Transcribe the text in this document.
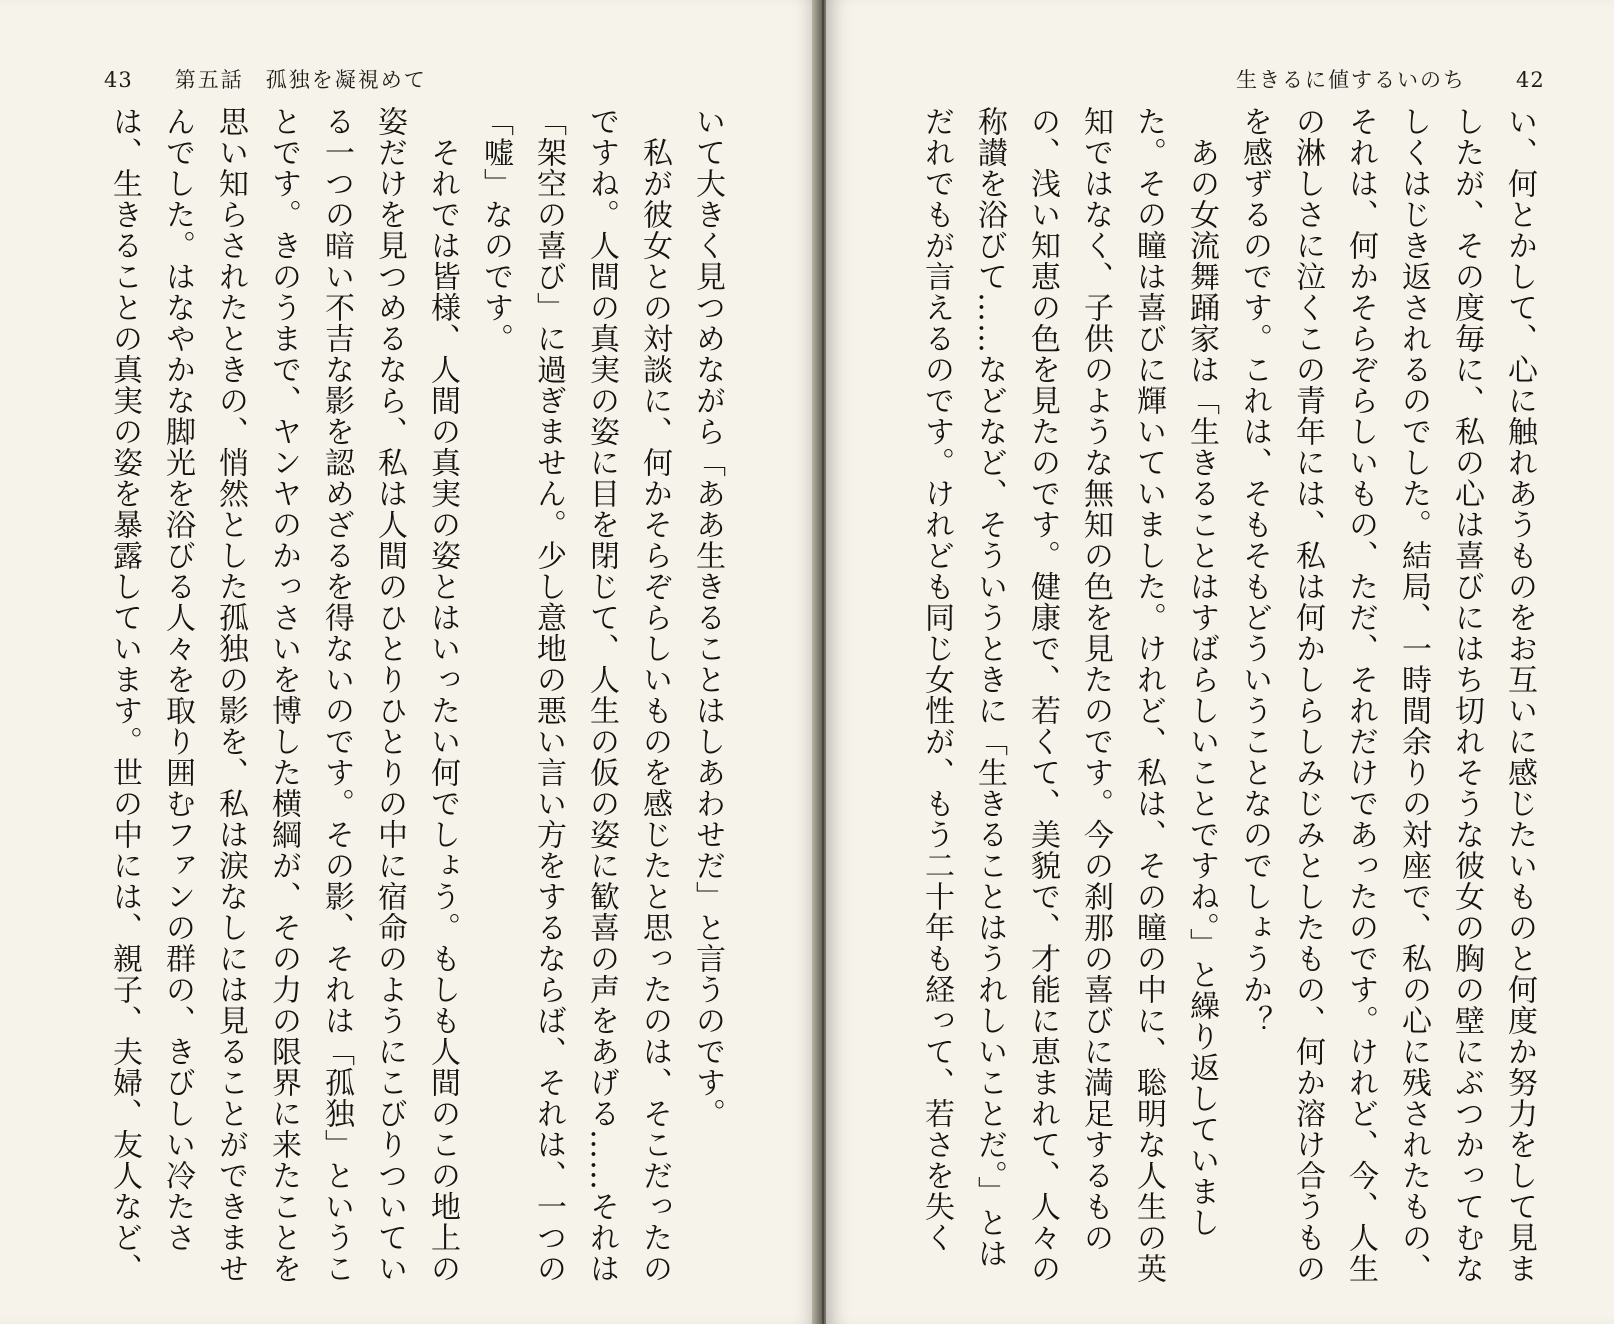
43 第五話 孤独を凝視めて

いて大きく見つめながら「ああ生きることはしあわせだ」と言うのです。

　私が彼女との対談に、何かそらぞらしいものを感じたと思ったのは、そこだったのですね。人間の真実の姿に目を閉じて、人生の仮の姿に歓喜の声をあげる……それは「架空の喜び」に過ぎません。少し意地の悪い言い方をするならば、それは、一つの「嘘」なのです。

　それでは皆様、人間の真実の姿とはいったい何でしょう。もしも人間のこの地上の姿だけを見つめるなら、私は人間のひとりひとりの中に宿命のようにこびりついている一つの暗い不吉な影を認めざるを得ないのです。その影、それは「孤独」ということです。きのうまで、ヤンヤのかっさいを博した横綱が、その力の限界に来たことを思い知らされたときの、悄然とした孤独の影を、私は涙なしには見ることができませんでした。はなやかな脚光を浴びる人々を取り囲むファンの群の、きびしい冷たさは、生きることの真実の姿を暴露しています。世の中には、親子、夫婦、友人など、

生きるに値するいのち 42

い、何とかして、心に触れあうものをお互いに感じたいものと何度か努力をして見ましたが、その度毎に、私の心は喜びにはち切れそうな彼女の胸の壁にぶつかってむなしくはじき返されるのでした。結局、一時間余りの対座で、私の心に残されたもの、それは、何かそらぞらしいもの、ただ、それだけであったのです。けれど、今、人生の淋しさに泣くこの青年には、私は何かしらしみじみとしたもの、何か溶け合うものを感ずるのです。これは、そもそもどういうことなのでしょうか？

　あの女流舞踊家は「生きることはすばらしいことですね。」と繰り返していました。その瞳は喜びに輝いていました。けれど、私は、その瞳の中に、聡明な人生の英知ではなく、子供のような無知の色を見たのです。今の刹那の喜びに満足するものの、浅い知恵の色を見たのです。健康で、若くて、美貌で、才能に恵まれて、人々の称讃を浴びて……などなど、そういうときに「生きることはうれしいことだ。」とはだれでもが言えるのです。けれども同じ女性が、もう二十年も経って、若さを失く　
